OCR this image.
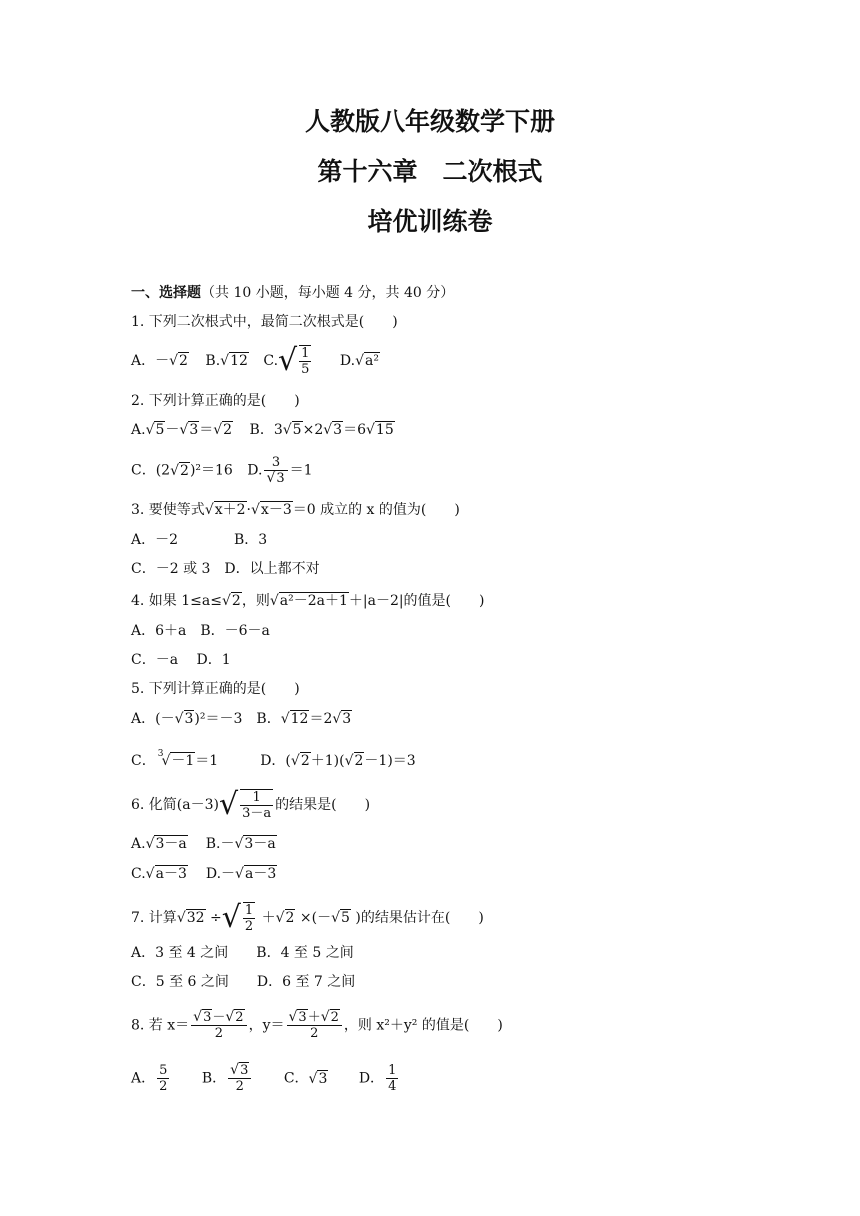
人教版八年级数学下册
第十六章　二次根式
培优训练卷
一、选择题（共 10 小题，每小题 4 分，共 40 分）
1. 下列二次根式中，最简二次根式是(　　)
A．－√2 B.√12 $C.√ \frac{1}{5} D.√a^2$
2. 下列计算正确的是(　　)
A.√5－√3＝√2 B．3√5×2√3＝6√15
C．(2√2)²＝16 D. $\frac{3}{√3} =1$
3. 要使等式√x＋2·√x－3＝0 成立的 x 的值为(　　)
A．－2　　　　B．3
C．－2 或 3　D．以上都不对
4. 如果 1≤a≤√2，则√a²－2a＋1＋|a－2|的值是(　　)
A．6＋a　B．－6－a
C．－a　 D．1
5. 下列计算正确的是(　　)
A．(－√3)²＝－3　B．√12＝2√3
C． $^3$√－1＝1　　　D．(√2＋1)(√2－1)＝3
6. 化简$(a-3)√ \frac{1}{3-a}$ 的结果是(　　)
A.√3－a B.－√3－a
C.√a－3 D.－√a－3
7. 计算√32 ÷√ $\frac{1}{2} +√2 \times(-√5$ )的结果估计在(　　)
A．3 至 4 之间　　B．4 至 5 之间
C．5 至 6 之间　　D．6 至 7 之间
8. 若 $x= \frac{√3-√2}{2}$ ，$y= \frac{√3+√2}{2}$ ，则 x²＋y² 的值是(　　)
A． $\frac{5}{2}$ B． $\frac{√3}{2}$ C．√3 D． $\frac{1}{4}$
